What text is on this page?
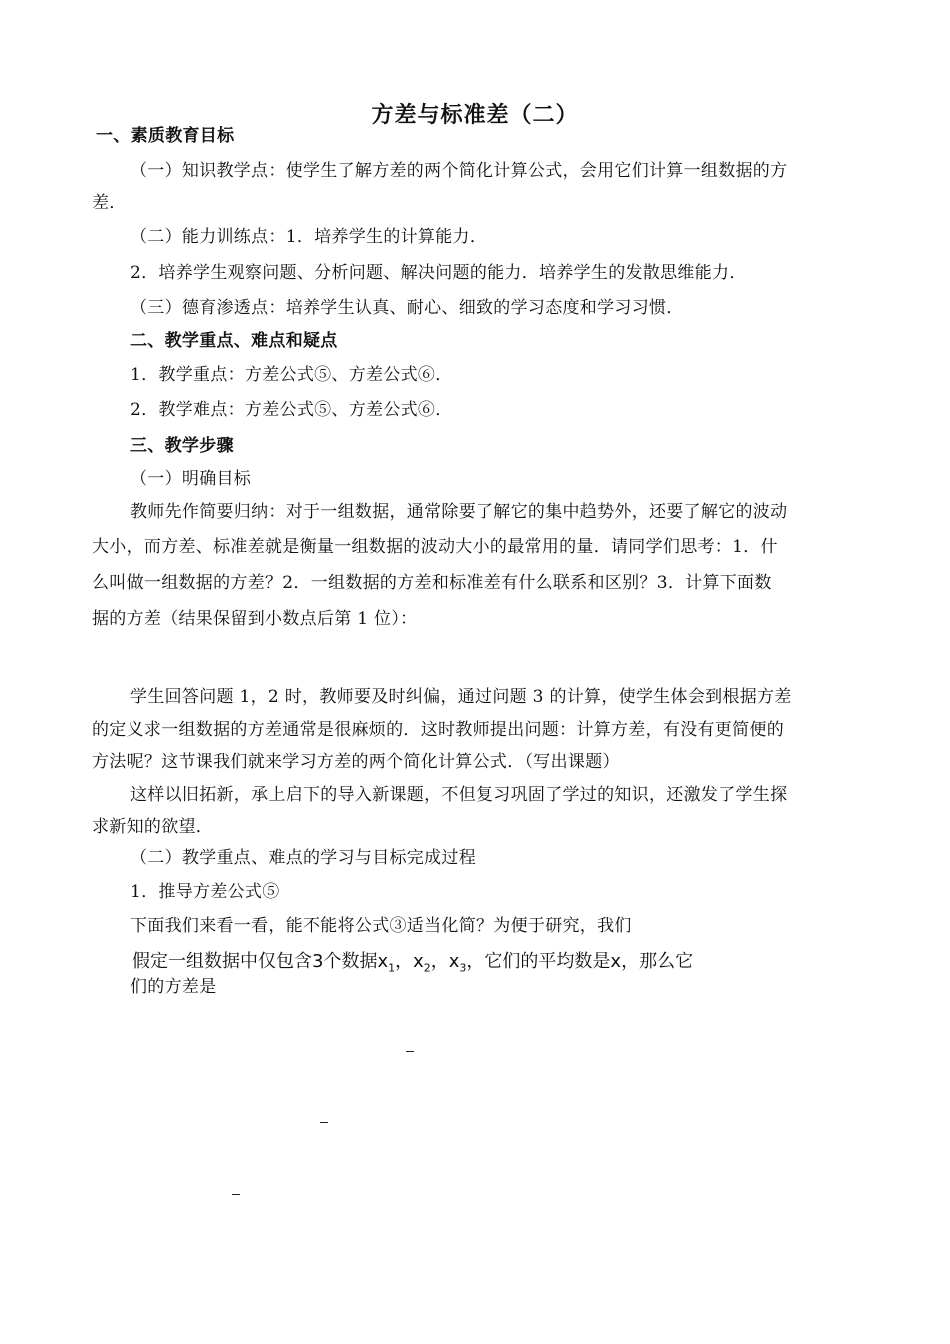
方差与标准差（二）
一、素质教育目标
（一）知识教学点：使学生了解方差的两个简化计算公式，会用它们计算一组数据的方
差．
（二）能力训练点：1．培养学生的计算能力．
2．培养学生观察问题、分析问题、解决问题的能力．培养学生的发散思维能力．
（三）德育渗透点：培养学生认真、耐心、细致的学习态度和学习习惯．
二、教学重点、难点和疑点
1．教学重点：方差公式⑤、方差公式⑥．
2．教学难点：方差公式⑤、方差公式⑥．
三、教学步骤
（一）明确目标
教师先作简要归纳：对于一组数据，通常除要了解它的集中趋势外，还要了解它的波动
大小，而方差、标准差就是衡量一组数据的波动大小的最常用的量．请同学们思考：1．什
么叫做一组数据的方差？2．一组数据的方差和标准差有什么联系和区别？3．计算下面数
据的方差（结果保留到小数点后第 1 位）：

学生回答问题 1，2 时，教师要及时纠偏，通过问题 3 的计算，使学生体会到根据方差
的定义求一组数据的方差通常是很麻烦的．这时教师提出问题：计算方差，有没有更简便的
方法呢？这节课我们就来学习方差的两个简化计算公式．（写出课题）
这样以旧拓新，承上启下的导入新课题，不但复习巩固了学过的知识，还激发了学生探
求新知的欲望．
（二）教学重点、难点的学习与目标完成过程
1．推导方差公式⑤
下面我们来看一看，能不能将公式③适当化简？为便于研究，我们
假定一组数据中仅包含3个数据$x_1$，$x_2$，$x_3$，它们的平均数是x，那么它
们的方差是
